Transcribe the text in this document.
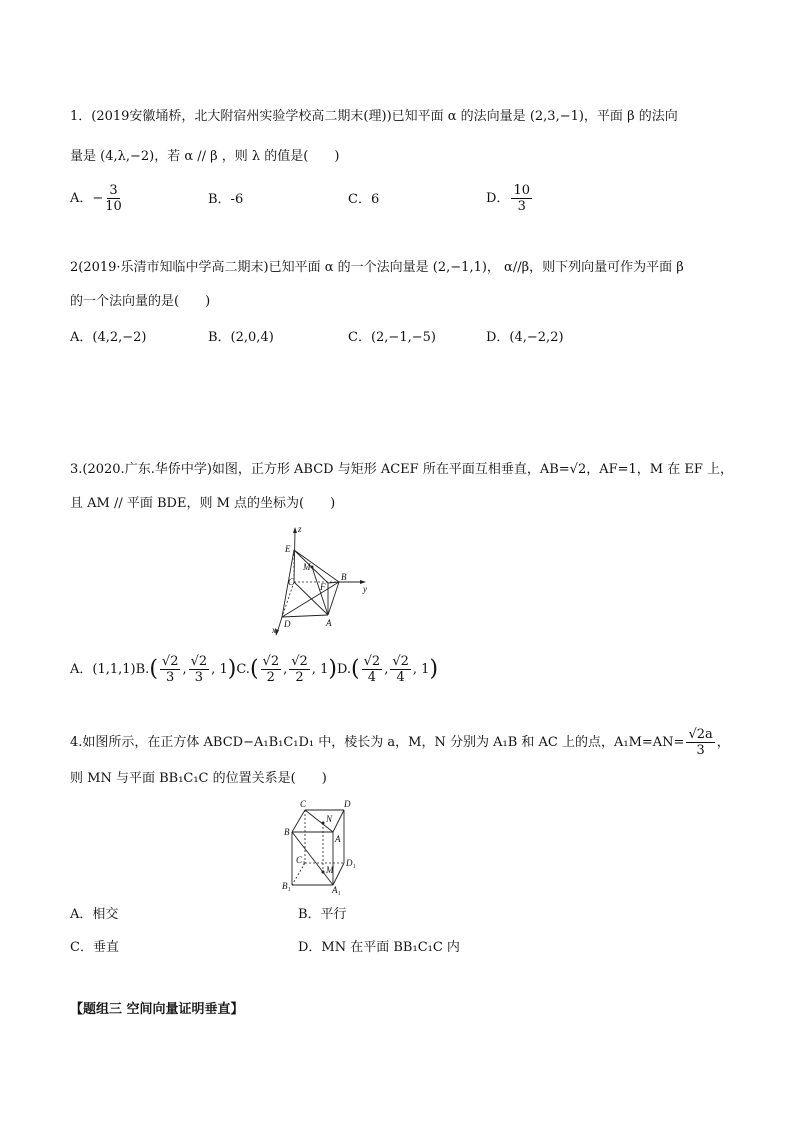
1．(2019安徽埇桥，北大附宿州实验学校高二期末(理))已知平面 α 的法向量是 (2,3,−1)，平面 β 的法向
量是 (4,λ,−2)，若 α // β ，则 λ 的值是(　　)
A．− $\frac{3}{10}$	B．-6	C．6	D． $\frac{10}{3}$
2(2019·乐清市知临中学高二期末)已知平面 α 的一个法向量是 (2,−1,1)， α//β，则下列向量可作为平面 β
的一个法向量的是(　　)
A．(4,2,−2)	B．(2,0,4)	C．(2,−1,−5)	D．(4,−2,2)
3.(2020.广东.华侨中学)如图，正方形 ABCD 与矩形 ACEF 所在平面互相垂直，AB=√2，AF=1，M 在 EF 上，
且 AM // 平面 BDE，则 M 点的坐标为(　　)
z
E
M
C	F
B
y
D	A
x
A．$(1,1,1)B.( \frac{√2}{3}$ , $\frac{√2}{3}$ , $1)C.( \frac{√2}{2}$ , $\frac{√2}{2}$ , $1)D.( \frac{√2}{4}$ , $\frac{√2}{4}$ , 1)
4.如图所示，在正方体 ABCD−A₁B₁C₁D₁ 中，棱长为 a，M，N 分别为 A₁B 和 AC 上的点，$A_1M=AN= \frac{√2a}{3}$ ，
则 MN 与平面 BB₁C₁C 的位置关系是(　　)
C	D
N
B
A
C₁	D₁
M
B₁	A₁
A．相交	B．平行
C．垂直	D．MN 在平面 BB₁C₁C 内
【题组三 空间向量证明垂直】
